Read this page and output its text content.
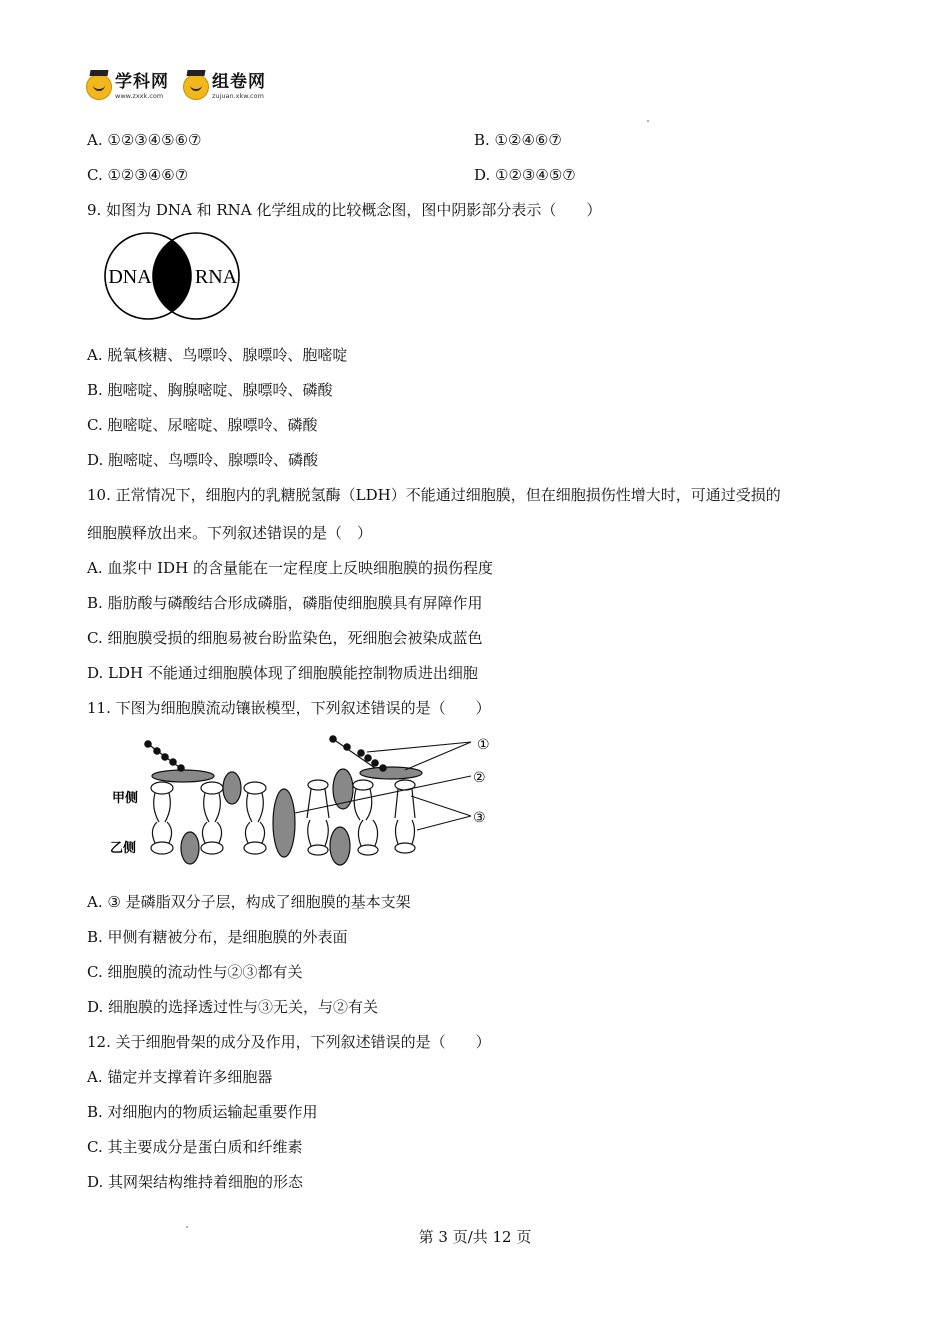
学科网
www.zxxk.com
组卷网
zujuan.xkw.com
A. ①②③④⑤⑥⑦	B. ①②④⑥⑦
C. ①②③④⑥⑦	D. ①②③④⑤⑦
9. 如图为 DNA 和 RNA 化学组成的比较概念图，图中阴影部分表示（　　）
DNA RNA
A. 脱氧核糖、鸟嘌呤、腺嘌呤、胞嘧啶
B. 胞嘧啶、胸腺嘧啶、腺嘌呤、磷酸
C. 胞嘧啶、尿嘧啶、腺嘌呤、磷酸
D. 胞嘧啶、鸟嘌呤、腺嘌呤、磷酸
10. 正常情况下，细胞内的乳糖脱氢酶（LDH）不能通过细胞膜，但在细胞损伤性增大时，可通过受损的
细胞膜释放出来。下列叙述错误的是（　）
A. 血浆中 IDH 的含量能在一定程度上反映细胞膜的损伤程度
B. 脂肪酸与磷酸结合形成磷脂，磷脂使细胞膜具有屏障作用
C. 细胞膜受损的细胞易被台盼监染色，死细胞会被染成蓝色
D. LDH 不能通过细胞膜体现了细胞膜能控制物质进出细胞
11. 下图为细胞膜流动镶嵌模型，下列叙述错误的是（　　）
①
②
③
甲侧
乙侧
A. ③ 是磷脂双分子层，构成了细胞膜的基本支架
B. 甲侧有糖被分布，是细胞膜的外表面
C. 细胞膜的流动性与②③都有关
D. 细胞膜的选择透过性与③无关，与②有关
12. 关于细胞骨架的成分及作用，下列叙述错误的是（　　）
A. 锚定并支撑着许多细胞器
B. 对细胞内的物质运输起重要作用
C. 其主要成分是蛋白质和纤维素
D. 其网架结构维持着细胞的形态
第 3 页/共 12 页
